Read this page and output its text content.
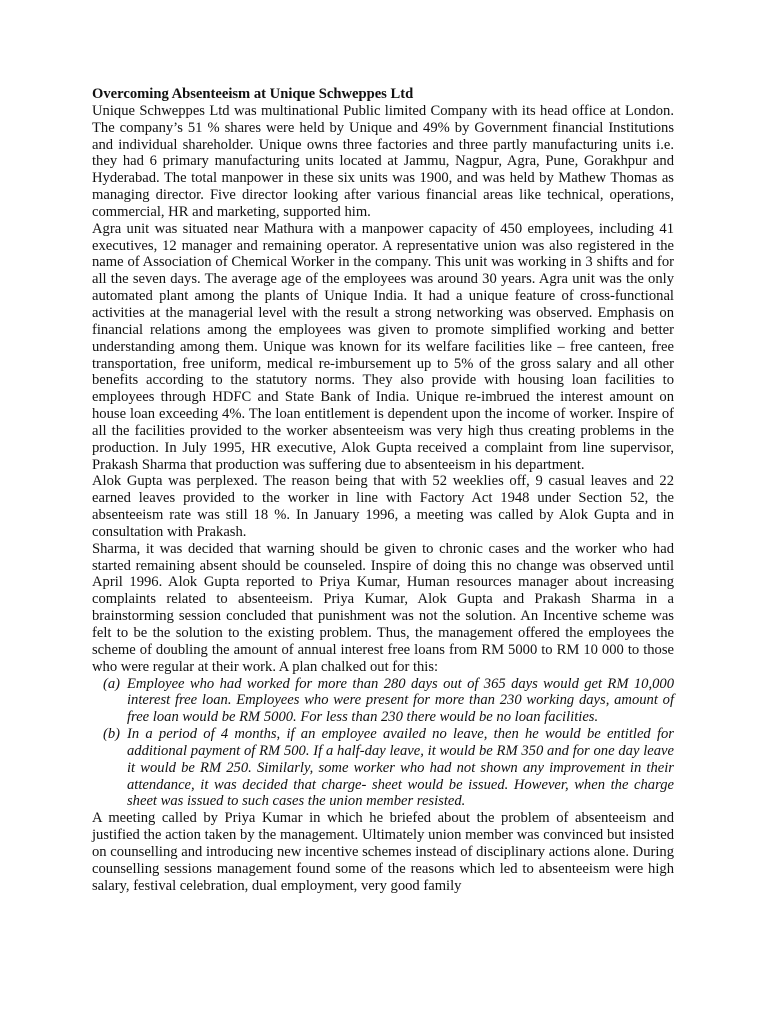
Overcoming Absenteeism at Unique Schweppes Ltd

Unique Schweppes Ltd was multinational Public limited Company with its head office at London. The company’s 51 % shares were held by Unique and 49% by Government financial Institutions and individual shareholder. Unique owns three factories and three partly manufacturing units i.e. they had 6 primary manufacturing units located at Jammu, Nagpur, Agra, Pune, Gorakhpur and Hyderabad. The total manpower in these six units was 1900, and was held by Mathew Thomas as managing director. Five director looking after various financial areas like technical, operations, commercial, HR and marketing, supported him.

Agra unit was situated near Mathura with a manpower capacity of 450 employees, including 41 executives, 12 manager and remaining operator. A representative union was also registered in the name of Association of Chemical Worker in the company. This unit was working in 3 shifts and for all the seven days. The average age of the employees was around 30 years. Agra unit was the only automated plant among the plants of Unique India. It had a unique feature of cross-functional activities at the managerial level with the result a strong networking was observed. Emphasis on financial relations among the employees was given to promote simplified working and better understanding among them. Unique was known for its welfare facilities like – free canteen, free transportation, free uniform, medical re-imbursement up to 5% of the gross salary and all other benefits according to the statutory norms. They also provide with housing loan facilities to employees through HDFC and State Bank of India. Unique re-imbrued the interest amount on house loan exceeding 4%. The loan entitlement is dependent upon the income of worker. Inspire of all the facilities provided to the worker absenteeism was very high thus creating problems in the production. In July 1995, HR executive, Alok Gupta received a complaint from line supervisor, Prakash Sharma that production was suffering due to absenteeism in his department.

Alok Gupta was perplexed. The reason being that with 52 weeklies off, 9 casual leaves and 22 earned leaves provided to the worker in line with Factory Act 1948 under Section 52, the absenteeism rate was still 18 %. In January 1996, a meeting was called by Alok Gupta and in consultation with Prakash.

Sharma, it was decided that warning should be given to chronic cases and the worker who had started remaining absent should be counseled. Inspire of doing this no change was observed until April 1996. Alok Gupta reported to Priya Kumar, Human resources manager about increasing complaints related to absenteeism. Priya Kumar, Alok Gupta and Prakash Sharma in a brainstorming session concluded that punishment was not the solution. An Incentive scheme was felt to be the solution to the existing problem. Thus, the management offered the employees the scheme of doubling the amount of annual interest free loans from RM 5000 to RM 10 000 to those who were regular at their work. A plan chalked out for this:

(a) Employee who had worked for more than 280 days out of 365 days would get RM 10,000 interest free loan. Employees who were present for more than 230 working days, amount of free loan would be RM 5000. For less than 230 there would be no loan facilities.
(b) In a period of 4 months, if an employee availed no leave, then he would be entitled for additional payment of RM 500. If a half-day leave, it would be RM 350 and for one day leave it would be RM 250. Similarly, some worker who had not shown any improvement in their attendance, it was decided that charge- sheet would be issued. However, when the charge sheet was issued to such cases the union member resisted.

A meeting called by Priya Kumar in which he briefed about the problem of absenteeism and justified the action taken by the management. Ultimately union member was convinced but insisted on counselling and introducing new incentive schemes instead of disciplinary actions alone. During counselling sessions management found some of the reasons which led to absenteeism were high salary, festival celebration, dual employment, very good family
